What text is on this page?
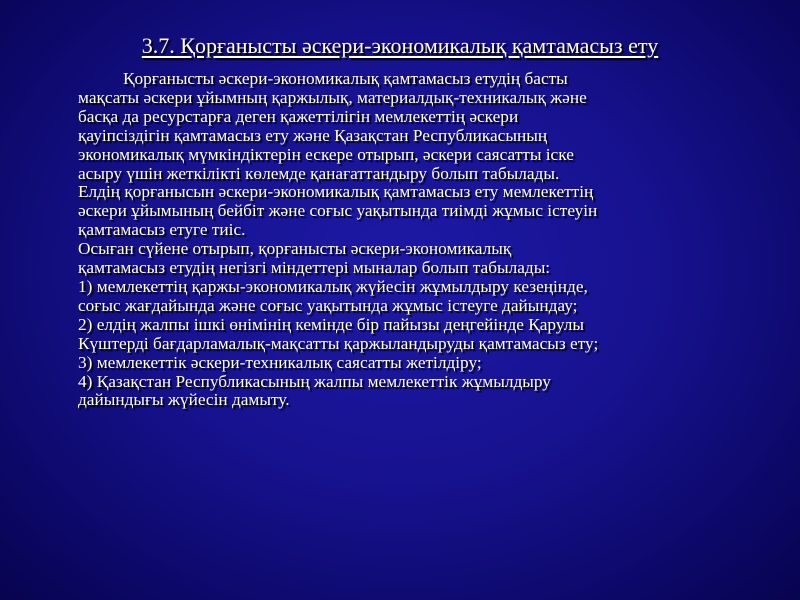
3.7. Қорғанысты әскери-экономикалық қамтамасыз ету
Қорғанысты әскери-экономикалық қамтамасыз етудің басты
мақсаты әскери ұйымның қаржылық, материалдық-техникалық және
басқа да ресурстарға деген қажеттілігін мемлекеттің әскери
қауіпсіздігін қамтамасыз ету және Қазақстан Республикасының
экономикалық мүмкіндіктерін ескере отырып, әскери саясатты іске
асыру үшін жеткілікті көлемде қанағаттандыру болып табылады.
Елдің қорғанысын әскери-экономикалық қамтамасыз ету мемлекеттің
әскери ұйымының бейбіт және соғыс уақытында тиімді жұмыс істеуін
қамтамасыз етуге тиіс.
Осыған сүйене отырып, қорғанысты әскери-экономикалық
қамтамасыз етудің негізгі міндеттері мыналар болып табылады:
1) мемлекеттің қаржы-экономикалық жүйесін жұмылдыру кезеңінде,
соғыс жағдайында және соғыс уақытында жұмыс істеуге дайындау;
2) елдің жалпы ішкі өнімінің кемінде бір пайызы деңгейінде Қарулы
Күштерді бағдарламалық-мақсатты қаржыландыруды қамтамасыз ету;
3) мемлекеттік әскери-техникалық саясатты жетілдіру;
4) Қазақстан Республикасының жалпы мемлекеттік жұмылдыру
дайындығы жүйесін дамыту.
